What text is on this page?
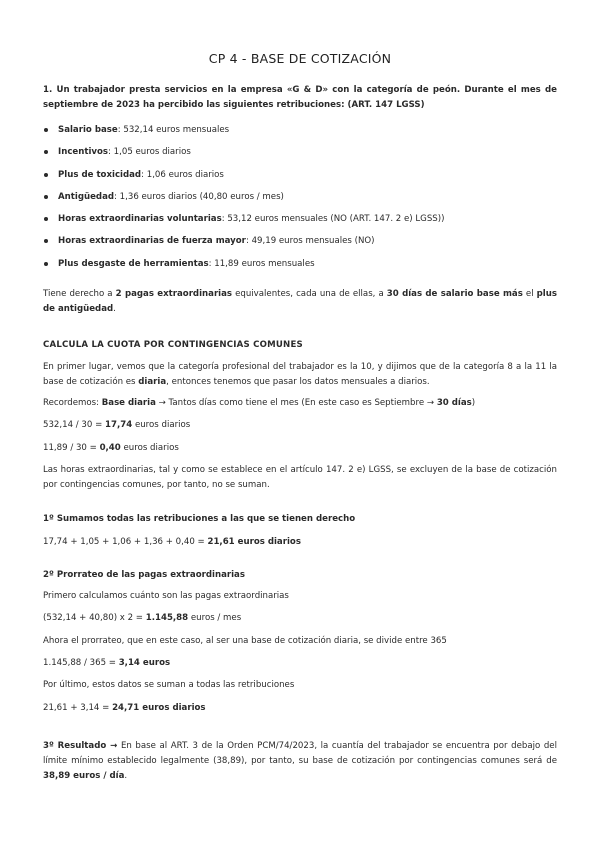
CP 4 - BASE DE COTIZACIÓN

1. Un trabajador presta servicios en la empresa «G & D» con la categoría de peón. Durante el mes de septiembre de 2023 ha percibido las siguientes retribuciones: (ART. 147 LGSS)

Salario base: 532,14 euros mensuales
Incentivos: 1,05 euros diarios
Plus de toxicidad: 1,06 euros diarios
Antigüedad: 1,36 euros diarios (40,80 euros / mes)
Horas extraordinarias voluntarias: 53,12 euros mensuales (NO (ART. 147. 2 e) LGSS))
Horas extraordinarias de fuerza mayor: 49,19 euros mensuales (NO)
Plus desgaste de herramientas: 11,89 euros mensuales

Tiene derecho a 2 pagas extraordinarias equivalentes, cada una de ellas, a 30 días de salario base más el plus de antigüedad.

CALCULA LA CUOTA POR CONTINGENCIAS COMUNES

En primer lugar, vemos que la categoría profesional del trabajador es la 10, y dijimos que de la categoría 8 a la 11 la base de cotización es diaria, entonces tenemos que pasar los datos mensuales a diarios.

Recordemos: Base diaria → Tantos días como tiene el mes (En este caso es Septiembre → 30 días)

532,14 / 30 = 17,74 euros diarios

11,89 / 30 = 0,40 euros diarios

Las horas extraordinarias, tal y como se establece en el artículo 147. 2 e) LGSS, se excluyen de la base de cotización por contingencias comunes, por tanto, no se suman.

1º Sumamos todas las retribuciones a las que se tienen derecho

17,74 + 1,05 + 1,06 + 1,36 + 0,40 = 21,61 euros diarios

2º Prorrateo de las pagas extraordinarias

Primero calculamos cuánto son las pagas extraordinarias

(532,14 + 40,80) x 2 = 1.145,88 euros / mes

Ahora el prorrateo, que en este caso, al ser una base de cotización diaria, se divide entre 365

1.145,88 / 365 = 3,14 euros

Por último, estos datos se suman a todas las retribuciones

21,61 + 3,14 = 24,71 euros diarios

3º Resultado → En base al ART. 3 de la Orden PCM/74/2023, la cuantía del trabajador se encuentra por debajo del límite mínimo establecido legalmente (38,89), por tanto, su base de cotización por contingencias comunes será de 38,89 euros / día.
